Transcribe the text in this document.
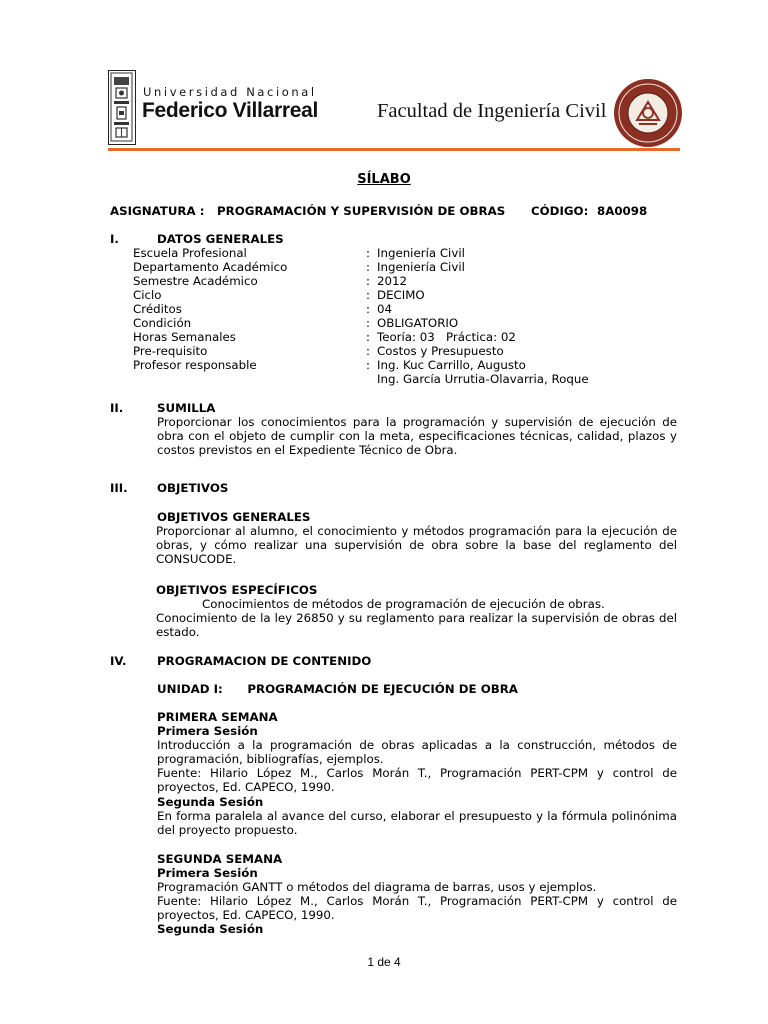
Universidad Nacional
Federico Villarreal	Facultad de Ingeniería Civil
SÍLABO
ASIGNATURA : PROGRAMACIÓN Y SUPERVISIÓN DE OBRAS CÓDIGO: 8A0098
I.	DATOS GENERALES
Escuela Profesional	: Ingeniería Civil
Departamento Académico	: Ingeniería Civil
Semestre Académico	: 2012
Ciclo	: DECIMO
Créditos	: 04
Condición	: OBLIGATORIO
Horas Semanales	: Teoría: 03   Práctica: 02
Pre-requisito	: Costos y Presupuesto
Profesor responsable	: Ing. Kuc Carrillo, Augusto
Ing. García Urrutia-Olavarria, Roque
II.	SUMILLA
Proporcionar los conocimientos para la programación y supervisión de ejecución de obra con el objeto de cumplir con la meta, especificaciones técnicas, calidad, plazos y costos previstos en el Expediente Técnico de Obra.
III. OBJETIVOS
OBJETIVOS GENERALES
Proporcionar al alumno, el conocimiento y métodos programación para la ejecución de obras, y cómo realizar una supervisión de obra sobre la base del reglamento del CONSUCODE.
OBJETIVOS ESPECÍFICOS
Conocimientos de métodos de programación de ejecución de obras.
Conocimiento de la ley 26850 y su reglamento para realizar la supervisión de obras del estado.
IV.	PROGRAMACION DE CONTENIDO
UNIDAD I:      PROGRAMACIÓN DE EJECUCIÓN DE OBRA
PRIMERA SEMANA
Primera Sesión
Introducción a la programación de obras aplicadas a la construcción, métodos de programación, bibliografías, ejemplos.
Fuente: Hilario López M., Carlos Morán T., Programación PERT-CPM y control de proyectos, Ed. CAPECO, 1990.
Segunda Sesión
En forma paralela al avance del curso, elaborar el presupuesto y la fórmula polinónima del proyecto propuesto.
SEGUNDA SEMANA
Primera Sesión
Programación GANTT o métodos del diagrama de barras, usos y ejemplos.
Fuente: Hilario López M., Carlos Morán T., Programación PERT-CPM y control de proyectos, Ed. CAPECO, 1990.
Segunda Sesión
1 de 4
